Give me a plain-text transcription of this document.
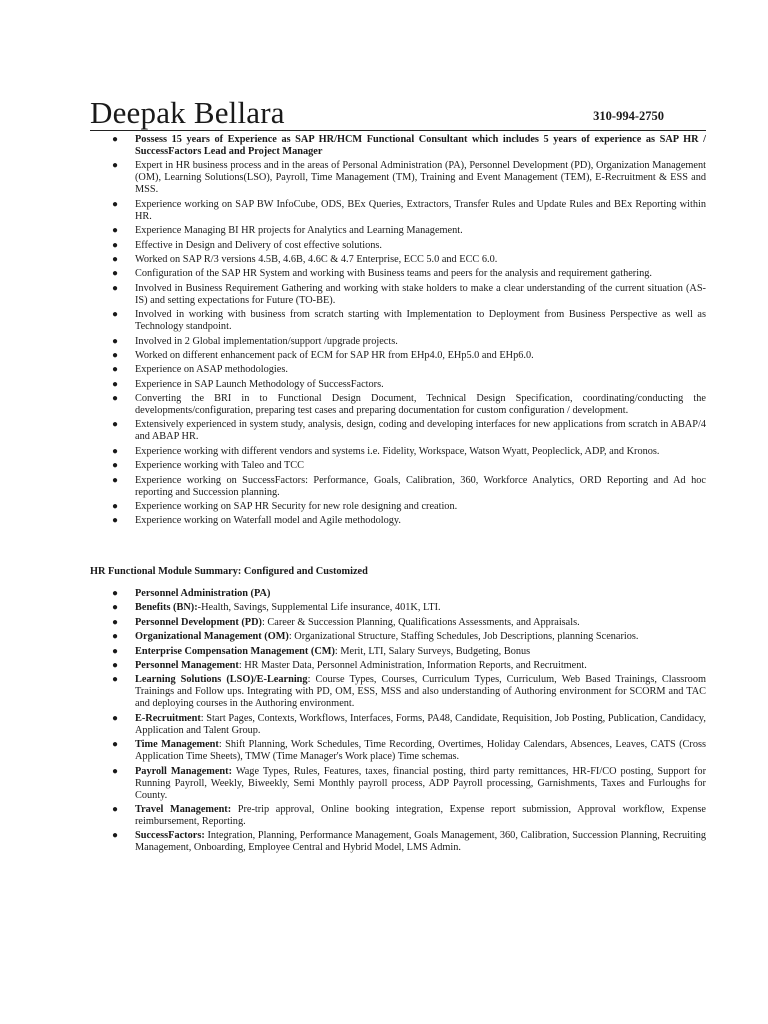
Deepak Bellara	310-994-2750
● Possess 15 years of Experience as SAP HR/HCM Functional Consultant which includes 5 years of experience as SAP HR / SuccessFactors Lead and Project Manager
● Expert in HR business process and in the areas of Personal Administration (PA), Personnel Development (PD), Organization Management (OM), Learning Solutions(LSO), Payroll, Time Management (TM), Training and Event Management (TEM), E-Recruitment & ESS and MSS.
● Experience working on SAP BW InfoCube, ODS, BEx Queries, Extractors, Transfer Rules and Update Rules and BEx Reporting within HR.
● Experience Managing BI HR projects for Analytics and Learning Management.
● Effective in Design and Delivery of cost effective solutions.
● Worked on SAP R/3 versions 4.5B, 4.6B, 4.6C & 4.7 Enterprise, ECC 5.0 and ECC 6.0.
● Configuration of the SAP HR System and working with Business teams and peers for the analysis and requirement gathering.
● Involved in Business Requirement Gathering and working with stake holders to make a clear understanding of the current situation (AS-IS) and setting expectations for Future (TO-BE).
● Involved in working with business from scratch starting with Implementation to Deployment from Business Perspective as well as Technology standpoint.
● Involved in 2 Global implementation/support /upgrade projects.
● Worked on different enhancement pack of ECM for SAP HR from EHp4.0, EHp5.0 and EHp6.0.
● Experience on ASAP methodologies.
● Experience in SAP Launch Methodology of SuccessFactors.
● Converting the BRI in to Functional Design Document, Technical Design Specification, coordinating/conducting the developments/configuration, preparing test cases and preparing documentation for custom configuration / development.
● Extensively experienced in system study, analysis, design, coding and developing interfaces for new applications from scratch in ABAP/4 and ABAP HR.
● Experience working with different vendors and systems i.e. Fidelity, Workspace, Watson Wyatt, Peopleclick, ADP, and Kronos.
● Experience working with Taleo and TCC
● Experience working on SuccessFactors: Performance, Goals, Calibration, 360, Workforce Analytics, ORD Reporting and Ad hoc reporting and Succession planning.
● Experience working on SAP HR Security for new role designing and creation.
● Experience working on Waterfall model and Agile methodology.
HR Functional Module Summary: Configured and Customized
● Personnel Administration (PA)
● Benefits (BN):-Health, Savings, Supplemental Life insurance, 401K, LTI.
● Personnel Development (PD): Career & Succession Planning, Qualifications Assessments, and Appraisals.
● Organizational Management (OM): Organizational Structure, Staffing Schedules, Job Descriptions, planning Scenarios.
● Enterprise Compensation Management (CM): Merit, LTI, Salary Surveys, Budgeting, Bonus
● Personnel Management: HR Master Data, Personnel Administration, Information Reports, and Recruitment.
● Learning Solutions (LSO)/E-Learning: Course Types, Courses, Curriculum Types, Curriculum, Web Based Trainings, Classroom Trainings and Follow ups. Integrating with PD, OM, ESS, MSS and also understanding of Authoring environment for SCORM and TAC and deploying courses in the Authoring environment.
● E-Recruitment: Start Pages, Contexts, Workflows, Interfaces, Forms, PA48, Candidate, Requisition, Job Posting, Publication, Candidacy, Application and Talent Group.
● Time Management: Shift Planning, Work Schedules, Time Recording, Overtimes, Holiday Calendars, Absences, Leaves, CATS (Cross Application Time Sheets), TMW (Time Manager's Work place) Time schemas.
● Payroll Management: Wage Types, Rules, Features, taxes, financial posting, third party remittances, HR-FI/CO posting, Support for Running Payroll, Weekly, Biweekly, Semi Monthly payroll process, ADP Payroll processing, Garnishments, Taxes and Furloughs for County.
● Travel Management: Pre-trip approval, Online booking integration, Expense report submission, Approval workflow, Expense reimbursement, Reporting.
● SuccessFactors: Integration, Planning, Performance Management, Goals Management, 360, Calibration, Succession Planning, Recruiting Management, Onboarding, Employee Central and Hybrid Model, LMS Admin.
